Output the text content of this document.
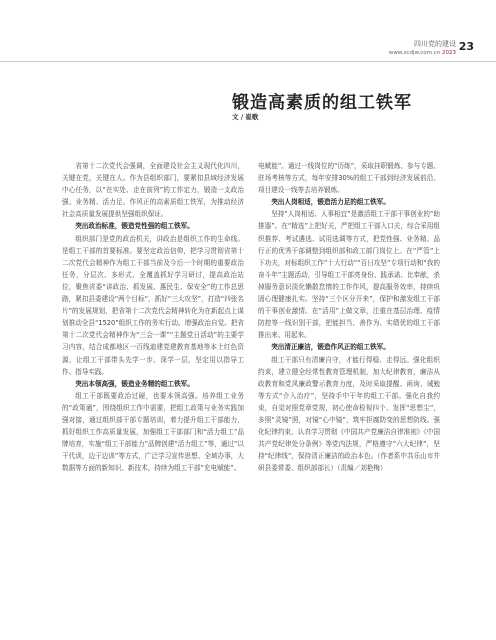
四川党的建设
www.scdjw.com.cn 2023 23
锻造高素质的组工铁军
文 / 崔歌

省第十二次党代会强调，全面建设社会主义现代化四川，关键在党，关键在人。作为县组织部门，要紧扣县域经济发展中心任务，以“在实处、走在前列”的工作定力，锻造一支政治强、业务精、活力足、作风正的高素质组工铁军，为推动经济社会高质量发展提供坚强组织保证。

突出政治标准，锻造党性强的组工铁军。

组织部门是党的政治机关，讲政治是组织工作的生命线。是组工干部的首要标准。要坚定政治信仰，把学习贯彻省第十二次党代会精神作为组工干部当前及今后一个时期的重要政治任务，分层次、多形式、全覆盖抓好学习研讨，提高政治站位，聚焦省委“讲政治、抓发展、惠民生、保安全”的工作总思路，紧扣县委建设“两个目标“，抓好“三大攻坚”，打造“四张名片”的发展规划，把省第十二次党代会精神转化为在新起点上谋划推动全县“1520”组织工作的务实行动。增强政治自觉。把省第十二次党代会精神作为“三会一课”“主题党日活动”的主要学习内容，结合成都地区一百线迪建党建教育基地等本土红色资源，让组工干部带头先学一步、深学一层，坚定用以指导工作、指导实践。

突出本领高强，锻造业务精的组工铁军。

组工干部既要政治过硬，也要本领高强。培养组工业务的“政策通”，围绕组织工作中需要，把组工政策与业务实践加强对接，通过组织部干部专题培训，着力提升组工干部能力，抓好组织工作高质量发展，加强组工干部部门和“活力组工”品牌培育，实施“组工干部能力”品牌创建“活力组工”等，通过“以干代训，边干边训”等方式，广泛学习宣传思想、全域办事，大数据等方面的新知识、新技术，持续为组工干部“充电赋能”。

电赋能”。通过一线岗位的“历练”，采取挂职锻炼、参与专题、驻场考核等方式，每年安排30%的组工干部到经济发展前沿、项目建设一线等去培养锻炼。

突出人岗相适，锻造活力足的组工铁军。

坚持“人岗相适、人事相宜”是激活组工干部干事创业的“助推器”。在“精选”上把好关，严把组工干部入口关，综合采用组织推荐、考试遴选、试用选调等方式，把党性强、业务精、品行正的优秀干部调整到组织部和政工部门岗位上。在“严管”上下功夫，对标组织工作“十大行动”“百日攻坚”专项行动和“我的奋斗年”主题活动，引导组工干部亮身份、践承诺、比奉献，杀掉服务意识淡化懒散怠惰的工作作风，提高服务效率，持续巩固心理健康扎实。坚持“三个区分开来”，保护和激发组工干部的干事创业激情。在“活用”上做文章，注重在基层治理、疫情防控等一线识别干部，把能担当、善作为、实绩优的组工干部推出来、用起来。

突出清正廉洁，锻造作风正的组工铁军。

组工干部只有清廉自守，才能行得稳、走得远。强化组织约束，建立健全经常性教育管理机制，加大纪律教育，廉洁从政教育和党风廉政警示教育力度，及时采取提醒、函询、诫勉等方式“介入治疗”，坚持手中干年的组工干部。强化自我约束，自觉对照党章党规，初心使命检视四个、发挥“思想尘”，多照“灵镜”照，对镜“心中镜”，筑牢拒腐防变的思想防线。强化纪律约束，认真学习贯彻《中国共产党廉洁自律准则》《中国共产党纪律处分条例》等党内法规，严格遵守“六大纪律”，坚持“纪律线”，保持清正廉洁的政治本色。（作者系中共乐山市井研县委常委、组织部部长）（责编／刘艳梅）
